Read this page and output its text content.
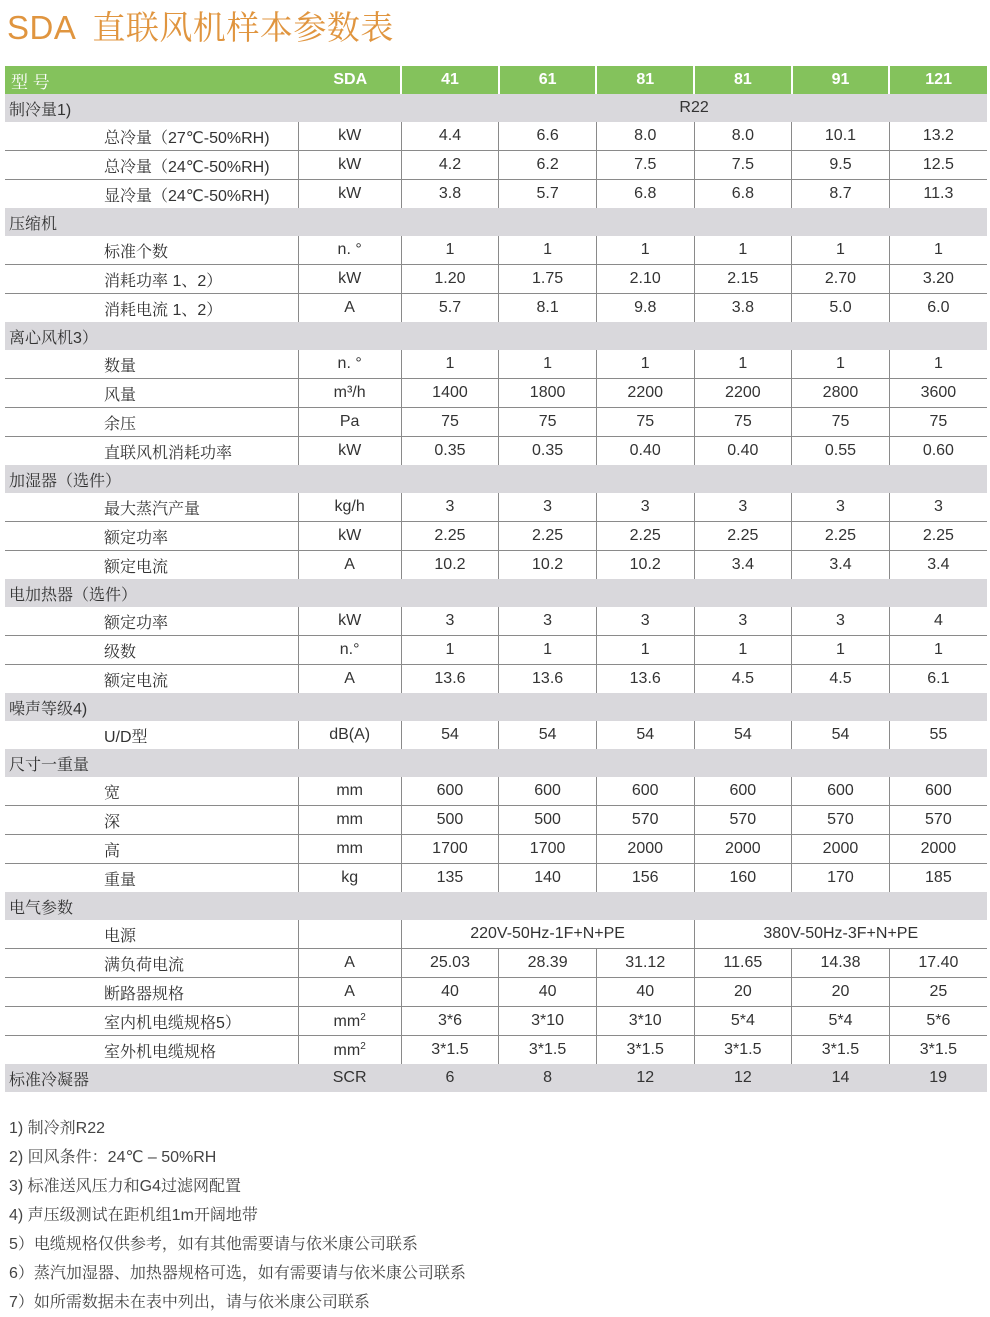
SDA 直联风机样本参数表
型 号	SDA	41	61	81	81	91	121
制冷量1)		R22					
总冷量（27℃-50%RH)	kW	4.4	6.6	8.0	8.0	10.1	13.2
总冷量（24℃-50%RH)	kW	4.2	6.2	7.5	7.5	9.5	12.5
显冷量（24℃-50%RH)	kW	3.8	5.7	6.8	6.8	8.7	11.3
压缩机							
标准个数	n. °	1	1	1	1	1	1
消耗功率 1、2）	kW	1.20	1.75	2.10	2.15	2.70	3.20
消耗电流 1、2）	A	5.7	8.1	9.8	3.8	5.0	6.0
离心风机3）							
数量	n. °	1	1	1	1	1	1
风量	m³/h	1400	1800	2200	2200	2800	3600
余压	Pa	75	75	75	75	75	75
直联风机消耗功率	kW	0.35	0.35	0.40	0.40	0.55	0.60
加湿器（选件）							
最大蒸汽产量	kg/h	3	3	3	3	3	3
额定功率	kW	2.25	2.25	2.25	2.25	2.25	2.25
额定电流	A	10.2	10.2	10.2	3.4	3.4	3.4
电加热器（选件）							
额定功率	kW	3	3	3	3	3	4
级数	n.°	1	1	1	1	1	1
额定电流	A	13.6	13.6	13.6	4.5	4.5	6.1
噪声等级4)							
U/D型	dB(A)	54	54	54	54	54	55
尺寸一重量							
宽	mm	600	600	600	600	600	600
深	mm	500	500	570	570	570	570
高	mm	1700	1700	2000	2000	2000	2000
重量	kg	135	140	156	160	170	185
电气参数							
电源		220V-50Hz-1F+N+PE			380V-50Hz-3F+N+PE		
满负荷电流	A	25.03	28.39	31.12	11.65	14.38	17.40
断路器规格	A	40	40	40	20	20	25
室内机电缆规格5）	$mm^2$	3*6	3*10	3*10	5*4	5*4	5*6
室外机电缆规格	$mm^2$	3*1.5	3*1.5	3*1.5	3*1.5	3*1.5	3*1.5
标准冷凝器	SCR	6	8	12	12	14	19
1) 制冷剂R22
2) 回风条件：24℃ – 50%RH
3) 标准送风压力和G4过滤网配置
4) 声压级测试在距机组1m开阔地带
5）电缆规格仅供参考，如有其他需要请与依米康公司联系
6）蒸汽加湿器、加热器规格可选，如有需要请与依米康公司联系
7）如所需数据未在表中列出，请与依米康公司联系
